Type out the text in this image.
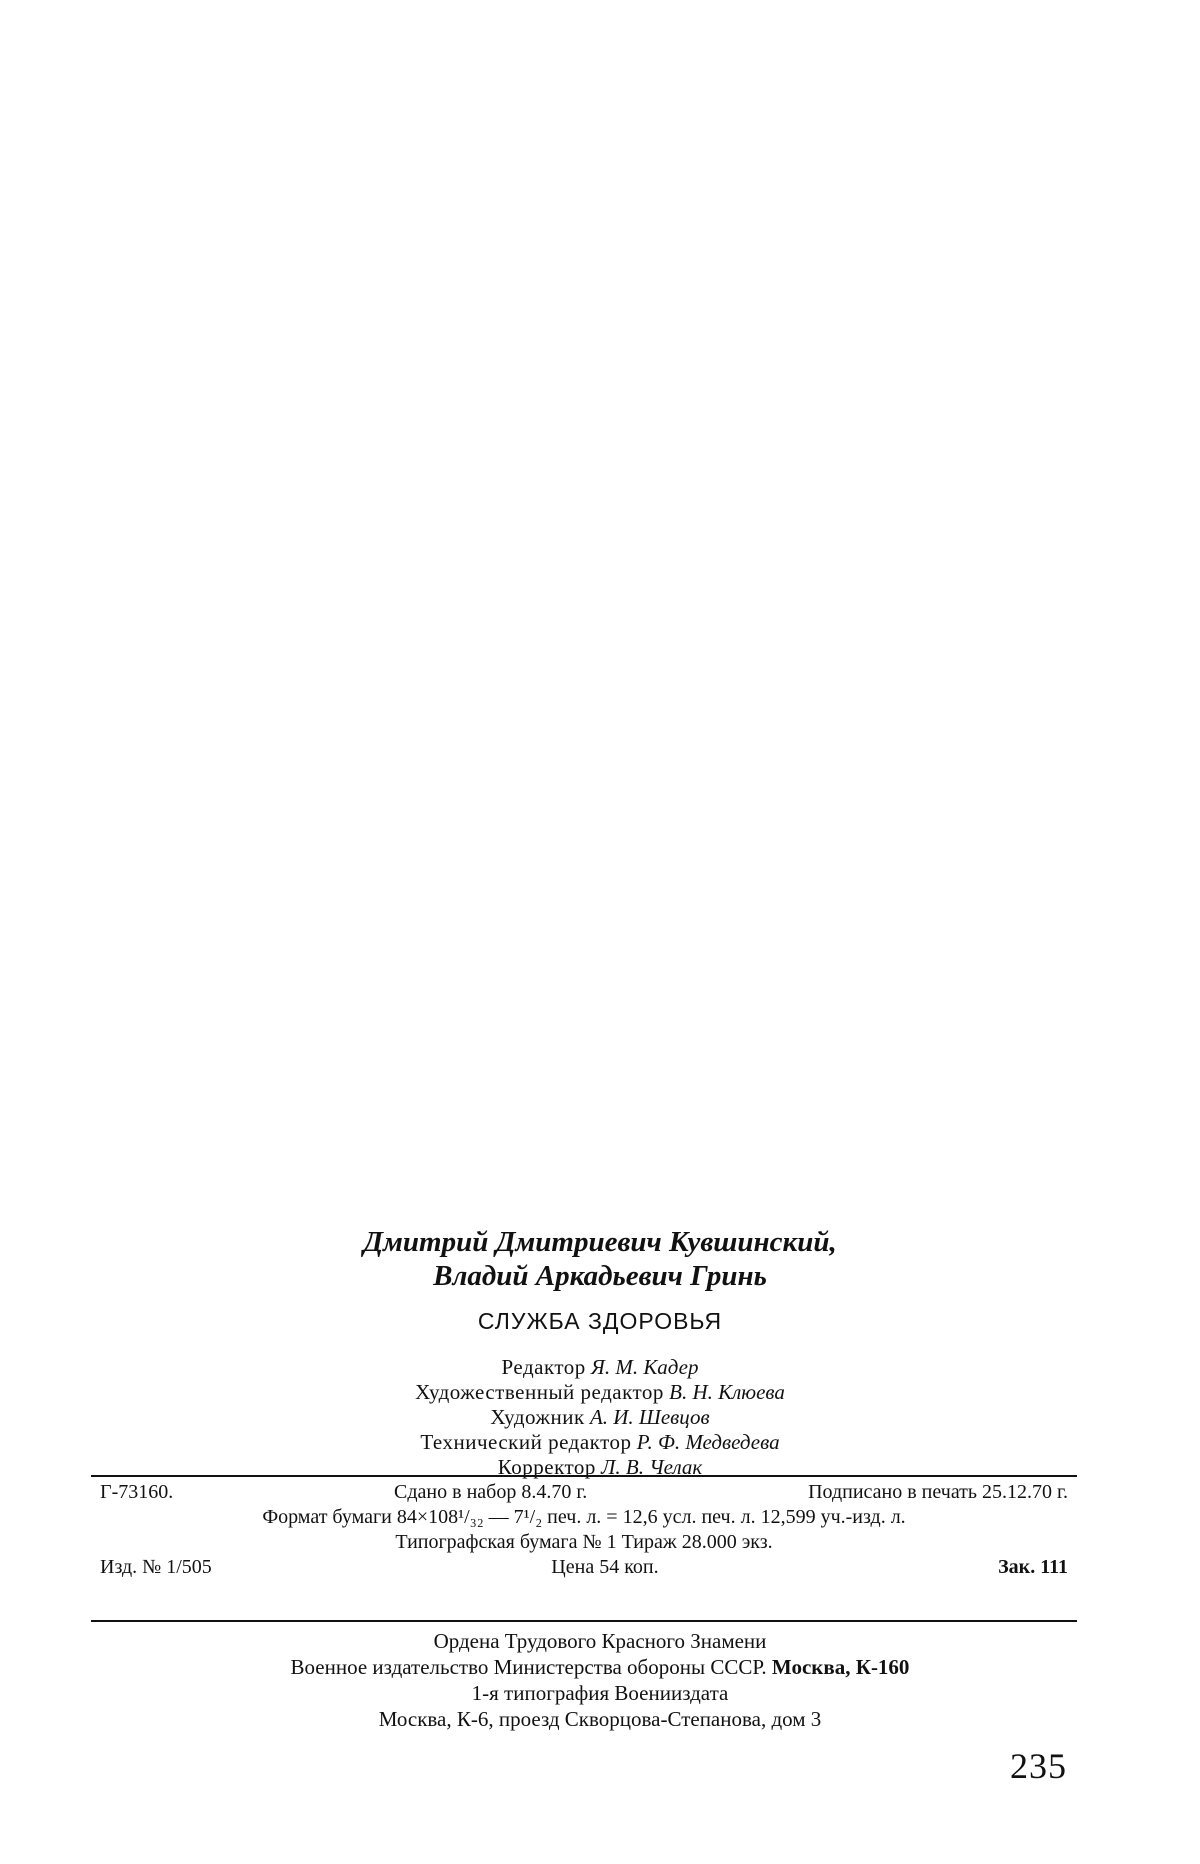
Дмитрий Дмитриевич Кувшинский,
Владий Аркадьевич Гринь
СЛУЖБА ЗДОРОВЬЯ
Редактор Я. М. Кадер
Художественный редактор В. Н. Клюева
Художник А. И. Шевцов
Технический редактор Р. Ф. Медведева
Корректор Л. В. Челак
Г-73160.	Сдано в набор 8.4.70 г.	Подписано в печать 25.12.70 г.
Формат бумаги 84×108¹/₃₂ — 7¹/₂ печ. л. = 12,6 усл. печ. л. 12,599 уч.-изд. л.
Типографская бумага № 1 Тираж 28.000 экз.
Изд. № 1/505	Цена 54 коп.	Зак. 111
Ордена Трудового Красного Знамени
Военное издательство Министерства обороны СССР. Москва, К-160
1-я типография Военииздата
Москва, К-6, проезд Скворцова-Степанова, дом 3
235
